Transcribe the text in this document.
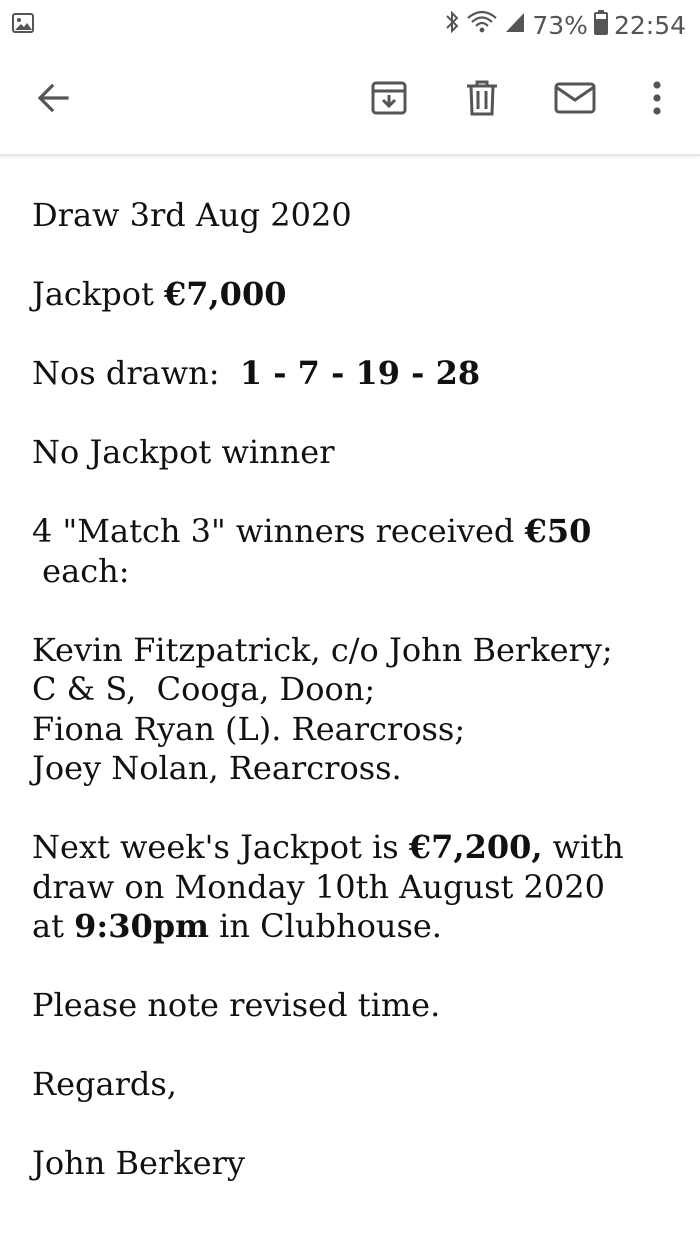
73% 22:54

Draw 3rd Aug 2020

Jackpot €7,000

Nos drawn:  1 - 7 - 19 - 28

No Jackpot winner

4 "Match 3" winners received €50 each:

Kevin Fitzpatrick, c/o John Berkery;

C & S,  Cooga, Doon;

Fiona Ryan (L). Rearcross;

Joey Nolan, Rearcross.

Next week's Jackpot is €7,200, with

draw on Monday 10th August 2020

at 9:30pm in Clubhouse.

Please note revised time.

Regards,

John Berkery
